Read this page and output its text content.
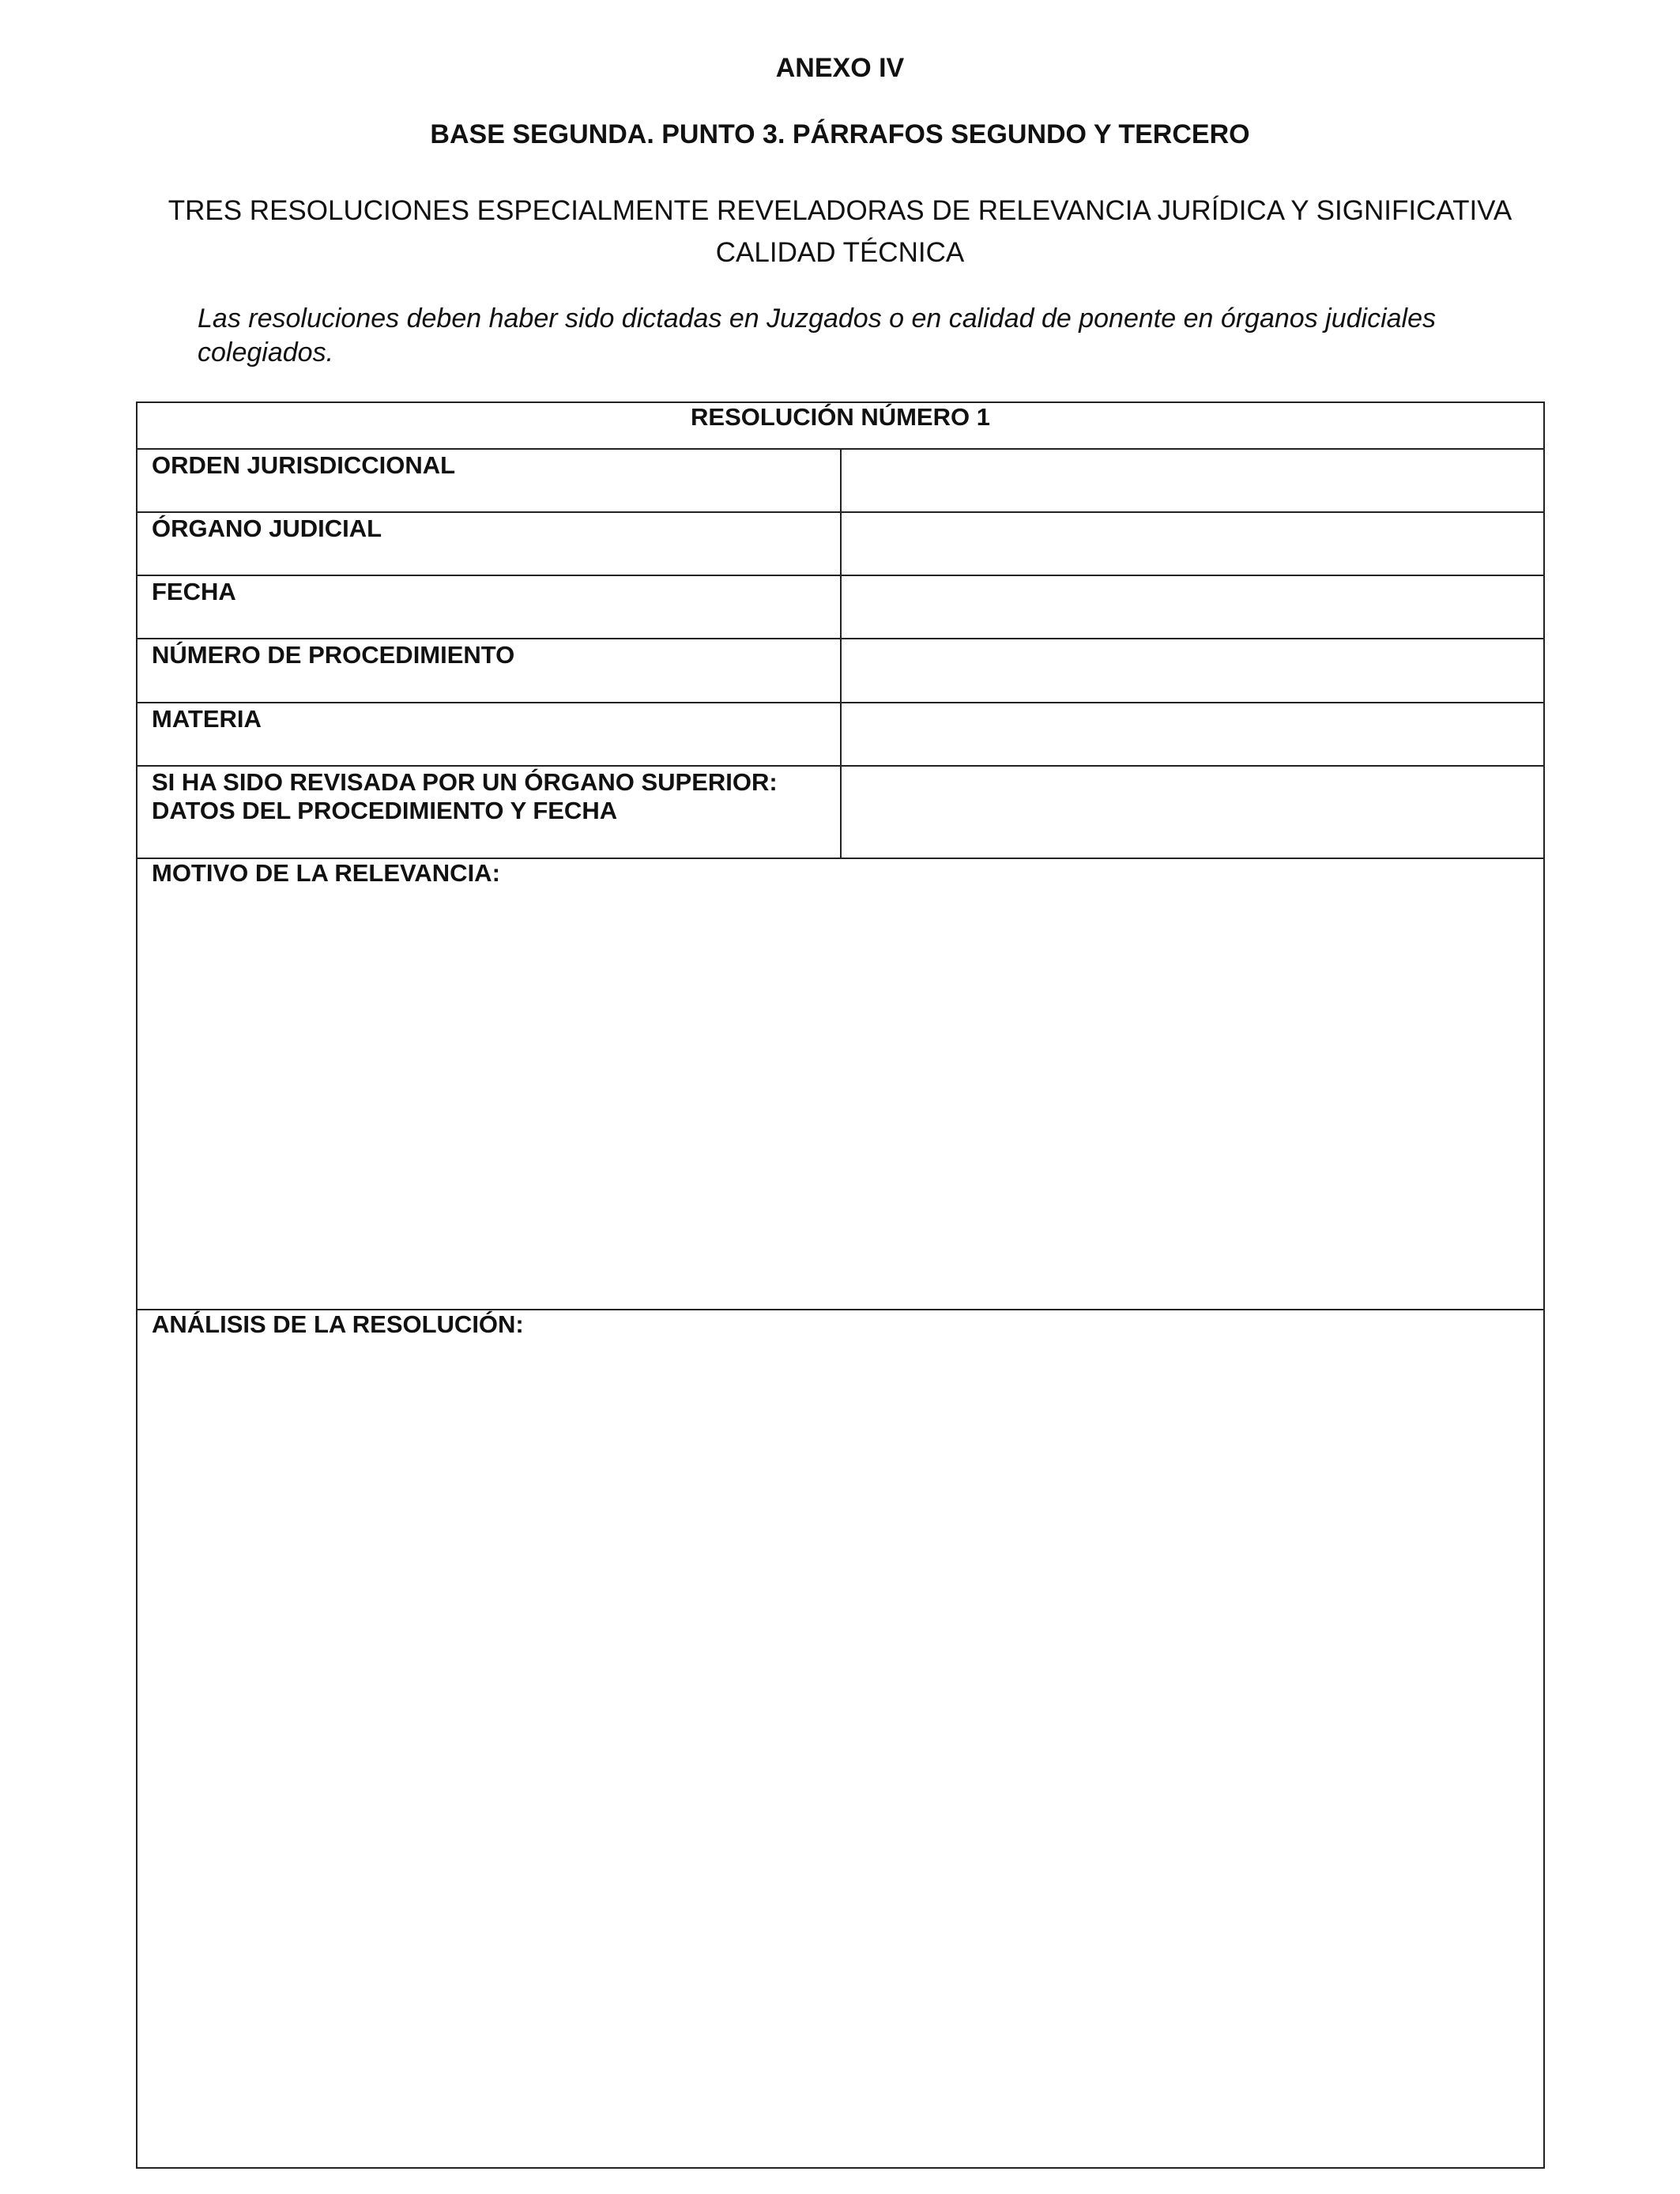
ANEXO IV
BASE SEGUNDA. PUNTO 3. PÁRRAFOS SEGUNDO Y TERCERO
TRES RESOLUCIONES ESPECIALMENTE REVELADORAS DE RELEVANCIA JURÍDICA Y SIGNIFICATIVA CALIDAD TÉCNICA
Las resoluciones deben haber sido dictadas en Juzgados o en calidad de ponente en órganos judiciales colegiados.
RESOLUCIÓN NÚMERO 1	
ORDEN JURISDICCIONAL	
ÓRGANO JUDICIAL	
FECHA	
NÚMERO DE PROCEDIMIENTO	
MATERIA	

SI HA SIDO REVISADA POR UN ÓRGANO SUPERIOR:
DATOS DEL PROCEDIMIENTO Y FECHA	

MOTIVO DE LA RELEVANCIA:	
ANÁLISIS DE LA RESOLUCIÓN:	
